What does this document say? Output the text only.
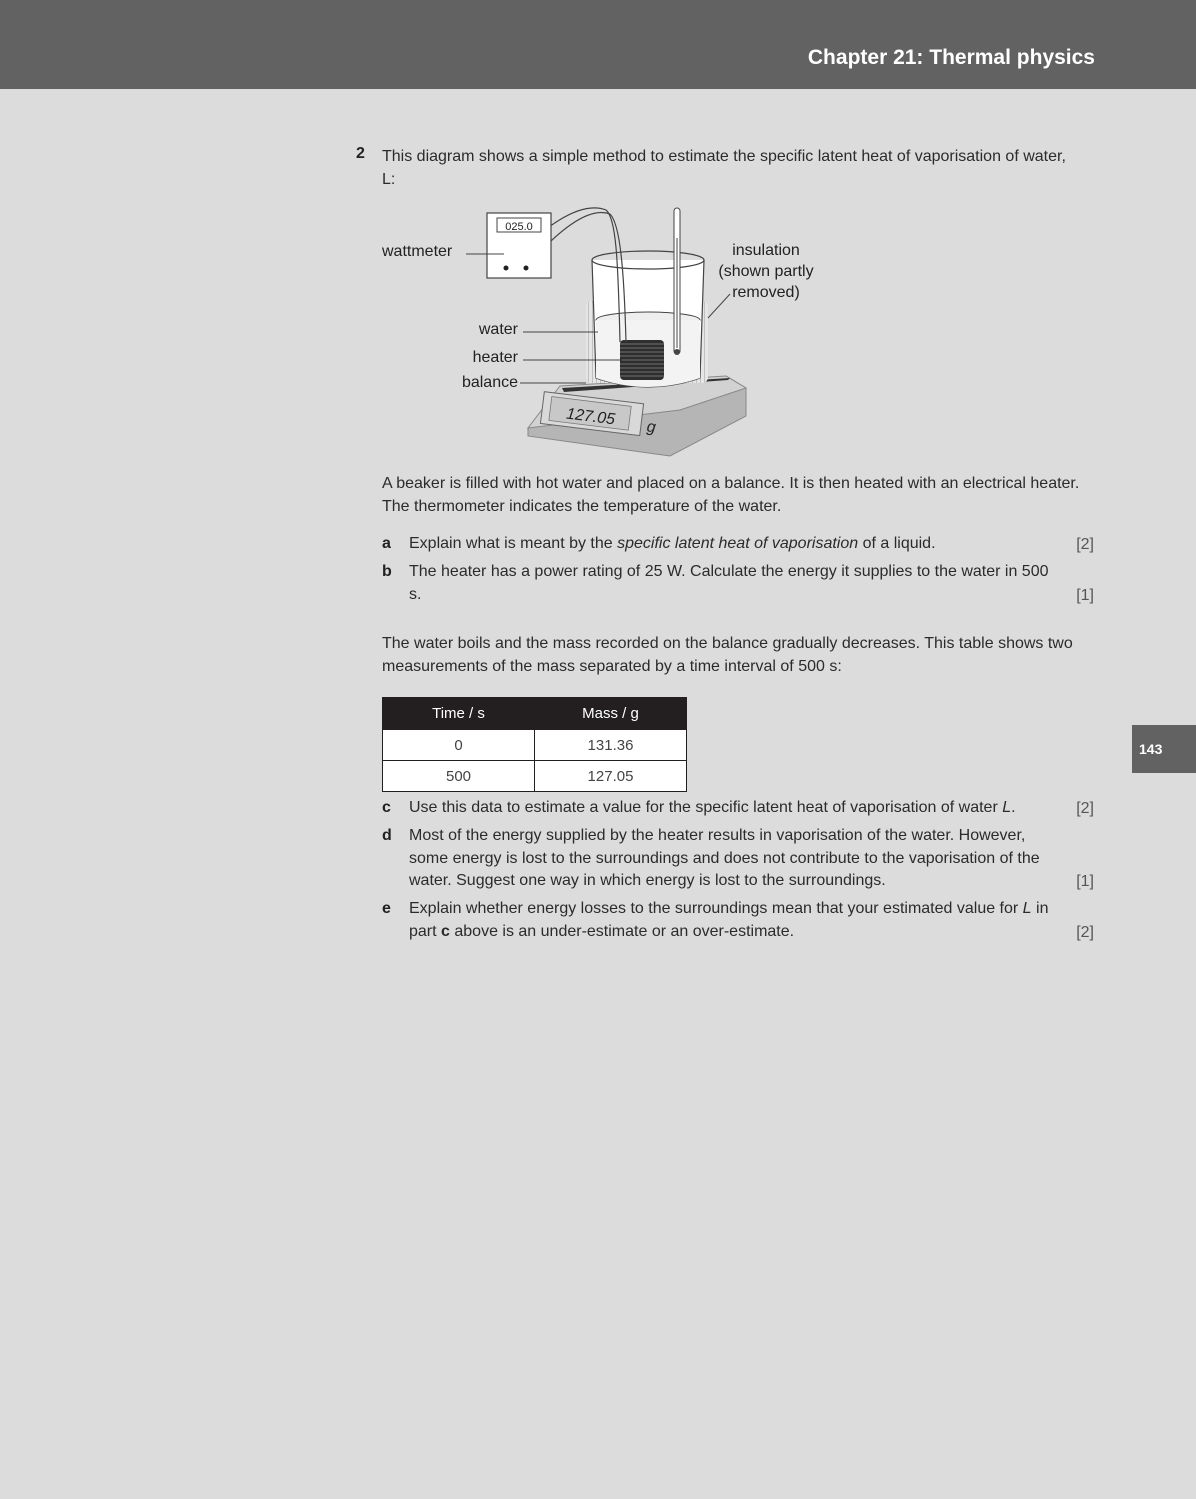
Chapter 21: Thermal physics
143
2 This diagram shows a simple method to estimate the specific latent heat of vaporisation of water, L:
127.05 g
025.0
wattmeter	insulation
(shown partly
removed)
water
heater
balance
A beaker is filled with hot water and placed on a balance. It is then heated with an electrical heater. The thermometer indicates the temperature of the water.
a Explain what is meant by the specific latent heat of vaporisation of a liquid.	[2]
b The heater has a power rating of 25 W. Calculate the energy it supplies to the water in 500 s.	[1]
The water boils and the mass recorded on the balance gradually decreases. This table shows two measurements of the mass separated by a time interval of 500 s:
Time / s	Mass / g
0	131.36
500	127.05
c Use this data to estimate a value for the specific latent heat of vaporisation of water L.	[2]
d Most of the energy supplied by the heater results in vaporisation of the water. However, some energy is lost to the surroundings and does not contribute to the vaporisation of the water. Suggest one way in which energy is lost to the surroundings.	[1]
e Explain whether energy losses to the surroundings mean that your estimated value for L in part c above is an under-estimate or an over-estimate.	[2]
